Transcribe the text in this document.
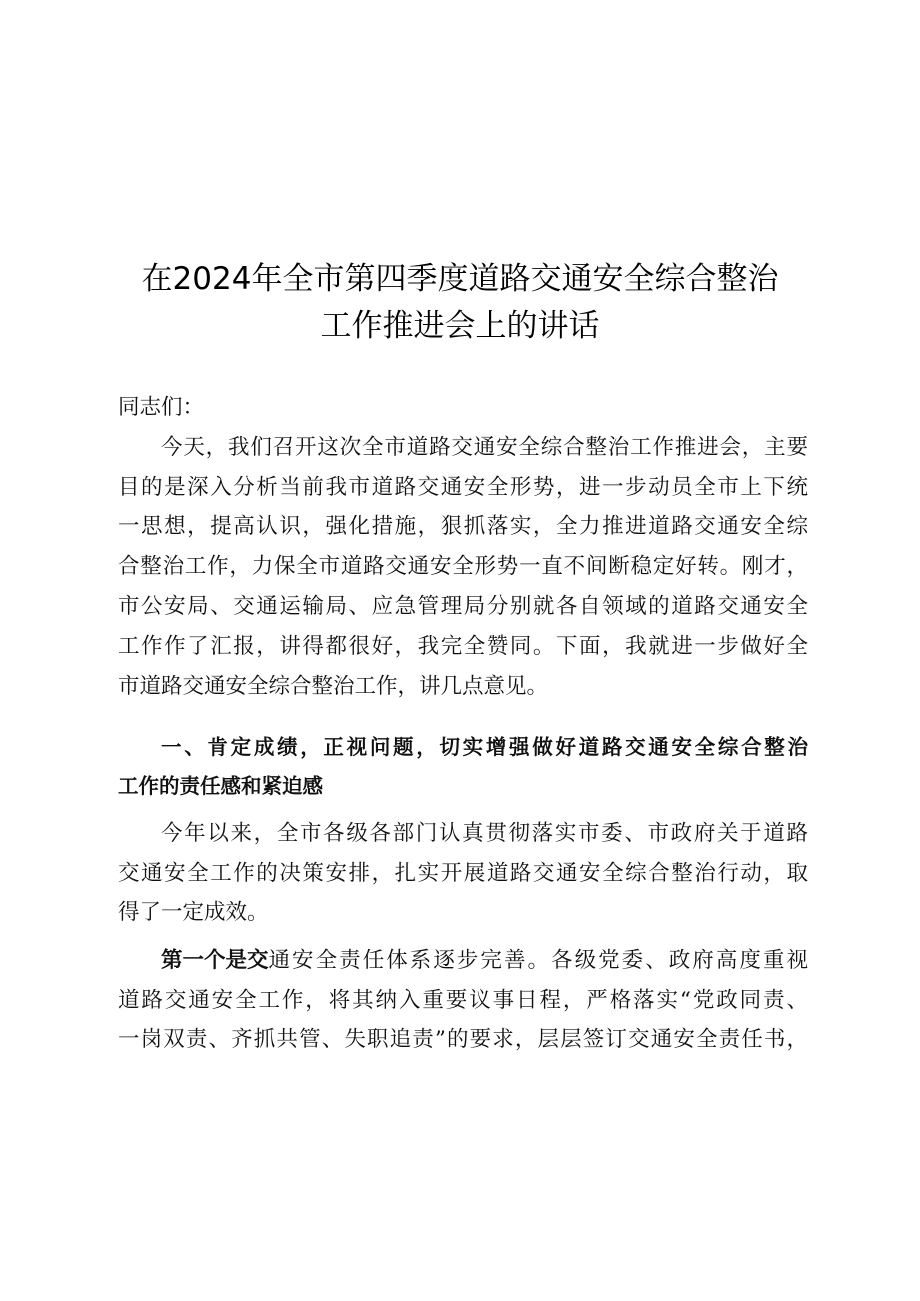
在2024年全市第四季度道路交通安全综合整治
工作推进会上的讲话
同志们：
今天，我们召开这次全市道路交通安全综合整治工作推进会，主要
目的是深入分析当前我市道路交通安全形势，进一步动员全市上下统
一思想，提高认识，强化措施，狠抓落实，全力推进道路交通安全综
合整治工作，力保全市道路交通安全形势一直不间断稳定好转。刚才，
市公安局、交通运输局、应急管理局分别就各自领域的道路交通安全
工作作了汇报，讲得都很好，我完全赞同。下面，我就进一步做好全
市道路交通安全综合整治工作，讲几点意见。
一、肯定成绩，正视问题，切实增强做好道路交通安全综合整治
工作的责任感和紧迫感
今年以来，全市各级各部门认真贯彻落实市委、市政府关于道路
交通安全工作的决策安排，扎实开展道路交通安全综合整治行动，取
得了一定成效。
第一个是交 通安全责任体系逐步完善。各级党委、政府高度重视
道路交通安全工作，将其纳入重要议事日程，严格落实“党政同责、
一岗双责、齐抓共管、失职追责”的要求，层层签订交通安全责任书，
